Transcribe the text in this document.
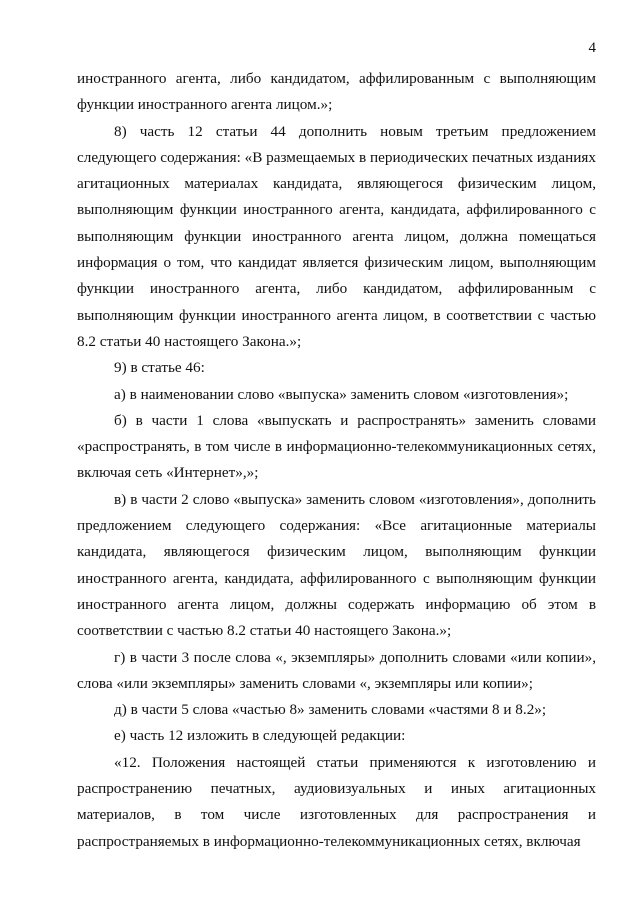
4

иностранного агента, либо кандидатом, аффилированным с выполняющим функции иностранного агента лицом.»;

8) часть 12 статьи 44 дополнить новым третьим предложением следующего содержания: «В размещаемых в периодических печатных изданиях агитационных материалах кандидата, являющегося физическим лицом, выполняющим функции иностранного агента, кандидата, аффилированного с выполняющим функции иностранного агента лицом, должна помещаться информация о том, что кандидат является физическим лицом, выполняющим функции иностранного агента, либо кандидатом, аффилированным с выполняющим функции иностранного агента лицом, в соответствии с частью 8.2 статьи 40 настоящего Закона.»;

9) в статье 46:

а) в наименовании слово «выпуска» заменить словом «изготовления»;

б) в части 1 слова «выпускать и распространять» заменить словами «распространять, в том числе в информационно-телекоммуникационных сетях, включая сеть «Интернет»,»;

в) в части 2 слово «выпуска» заменить словом «изготовления», дополнить предложением следующего содержания: «Все агитационные материалы кандидата, являющегося физическим лицом, выполняющим функции иностранного агента, кандидата, аффилированного с выполняющим функции иностранного агента лицом, должны содержать информацию об этом в соответствии с частью 8.2 статьи 40 настоящего Закона.»;

г) в части 3 после слова «, экземпляры» дополнить словами «или копии», слова «или экземпляры» заменить словами «, экземпляры или копии»;

д) в части 5 слова «частью 8» заменить словами «частями 8 и 8.2»;

е) часть 12 изложить в следующей редакции:

«12. Положения настоящей статьи применяются к изготовлению и распространению печатных, аудиовизуальных и иных агитационных материалов, в том числе изготовленных для распространения и распространяемых в информационно-телекоммуникационных сетях, включая
